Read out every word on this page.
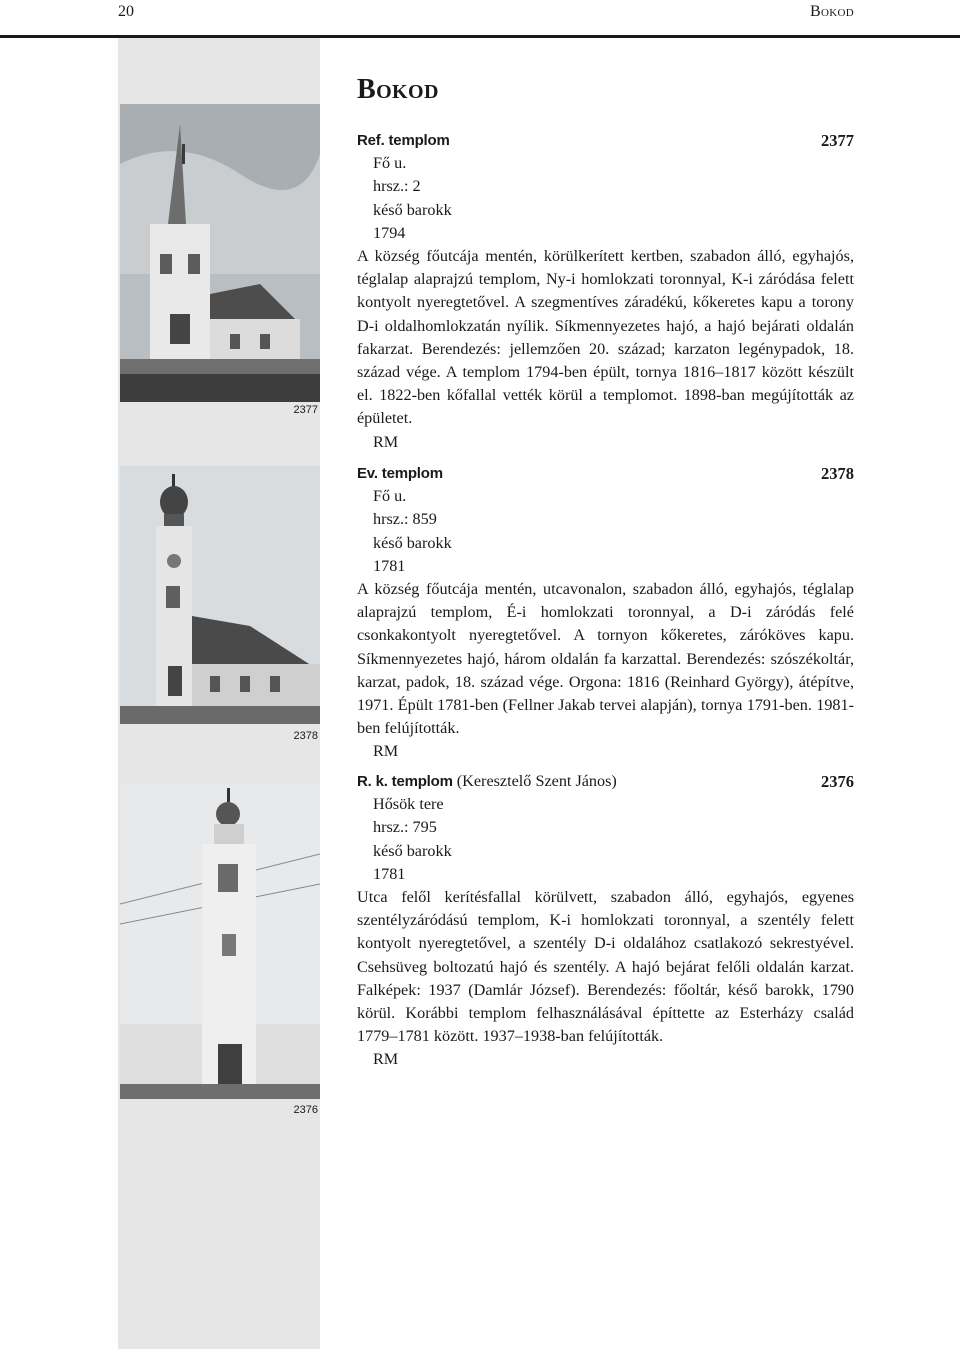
20	Bokod
2377
2378
2376
Bokod
Ref. templom	2377
Fő u.
hrsz.: 2
késő barokk
1794
A község főutcája mentén, körülkerített kertben, szabadon álló, egyhajós, téglalap alaprajzú templom, Ny-i homlokzati toronnyal, K-i záródása felett kontyolt nyeregtetővel. A szegmentíves záradékú, kőkeretes kapu a torony D-i oldalhomlokzatán nyílik. Síkmennyezetes hajó, a hajó bejárati oldalán fakarzat. Berendezés: jellemzően 20. század; karzaton legénypadok, 18. század vége. A templom 1794-ben épült, tornya 1816–1817 között készült el. 1822-ben kőfallal vették körül a templomot. 1898-ban megújították az épületet.
RM
Ev. templom	2378
Fő u.
hrsz.: 859
késő barokk
1781
A község főutcája mentén, utcavonalon, szabadon álló, egyhajós, téglalap alaprajzú templom, É-i homlokzati toronnyal, a D-i záródás felé csonkakontyolt nyeregtetővel. A tornyon kőkeretes, záróköves kapu. Síkmennyezetes hajó, három oldalán fa karzattal. Berendezés: szószékoltár, karzat, padok, 18. század vége. Orgona: 1816 (Reinhard György), átépítve, 1971. Épült 1781-ben (Fellner Jakab tervei alapján), tornya 1791-ben. 1981-ben felújították.
RM
R. k. templom (Keresztelő Szent János)	2376
Hősök tere
hrsz.: 795
késő barokk
1781
Utca felől kerítésfallal körülvett, szabadon álló, egyhajós, egyenes szentélyzáródású templom, K-i homlokzati toronnyal, a szentély felett kontyolt nyeregtetővel, a szentély D-i oldalához csatlakozó sekrestyével. Csehsüveg boltozatú hajó és szentély. A hajó bejárat felőli oldalán karzat. Falképek: 1937 (Damlár József). Berendezés: főoltár, késő barokk, 1790 körül. Korábbi templom felhasználásával építtette az Esterházy család 1779–1781 között. 1937–1938-ban felújították.
RM
